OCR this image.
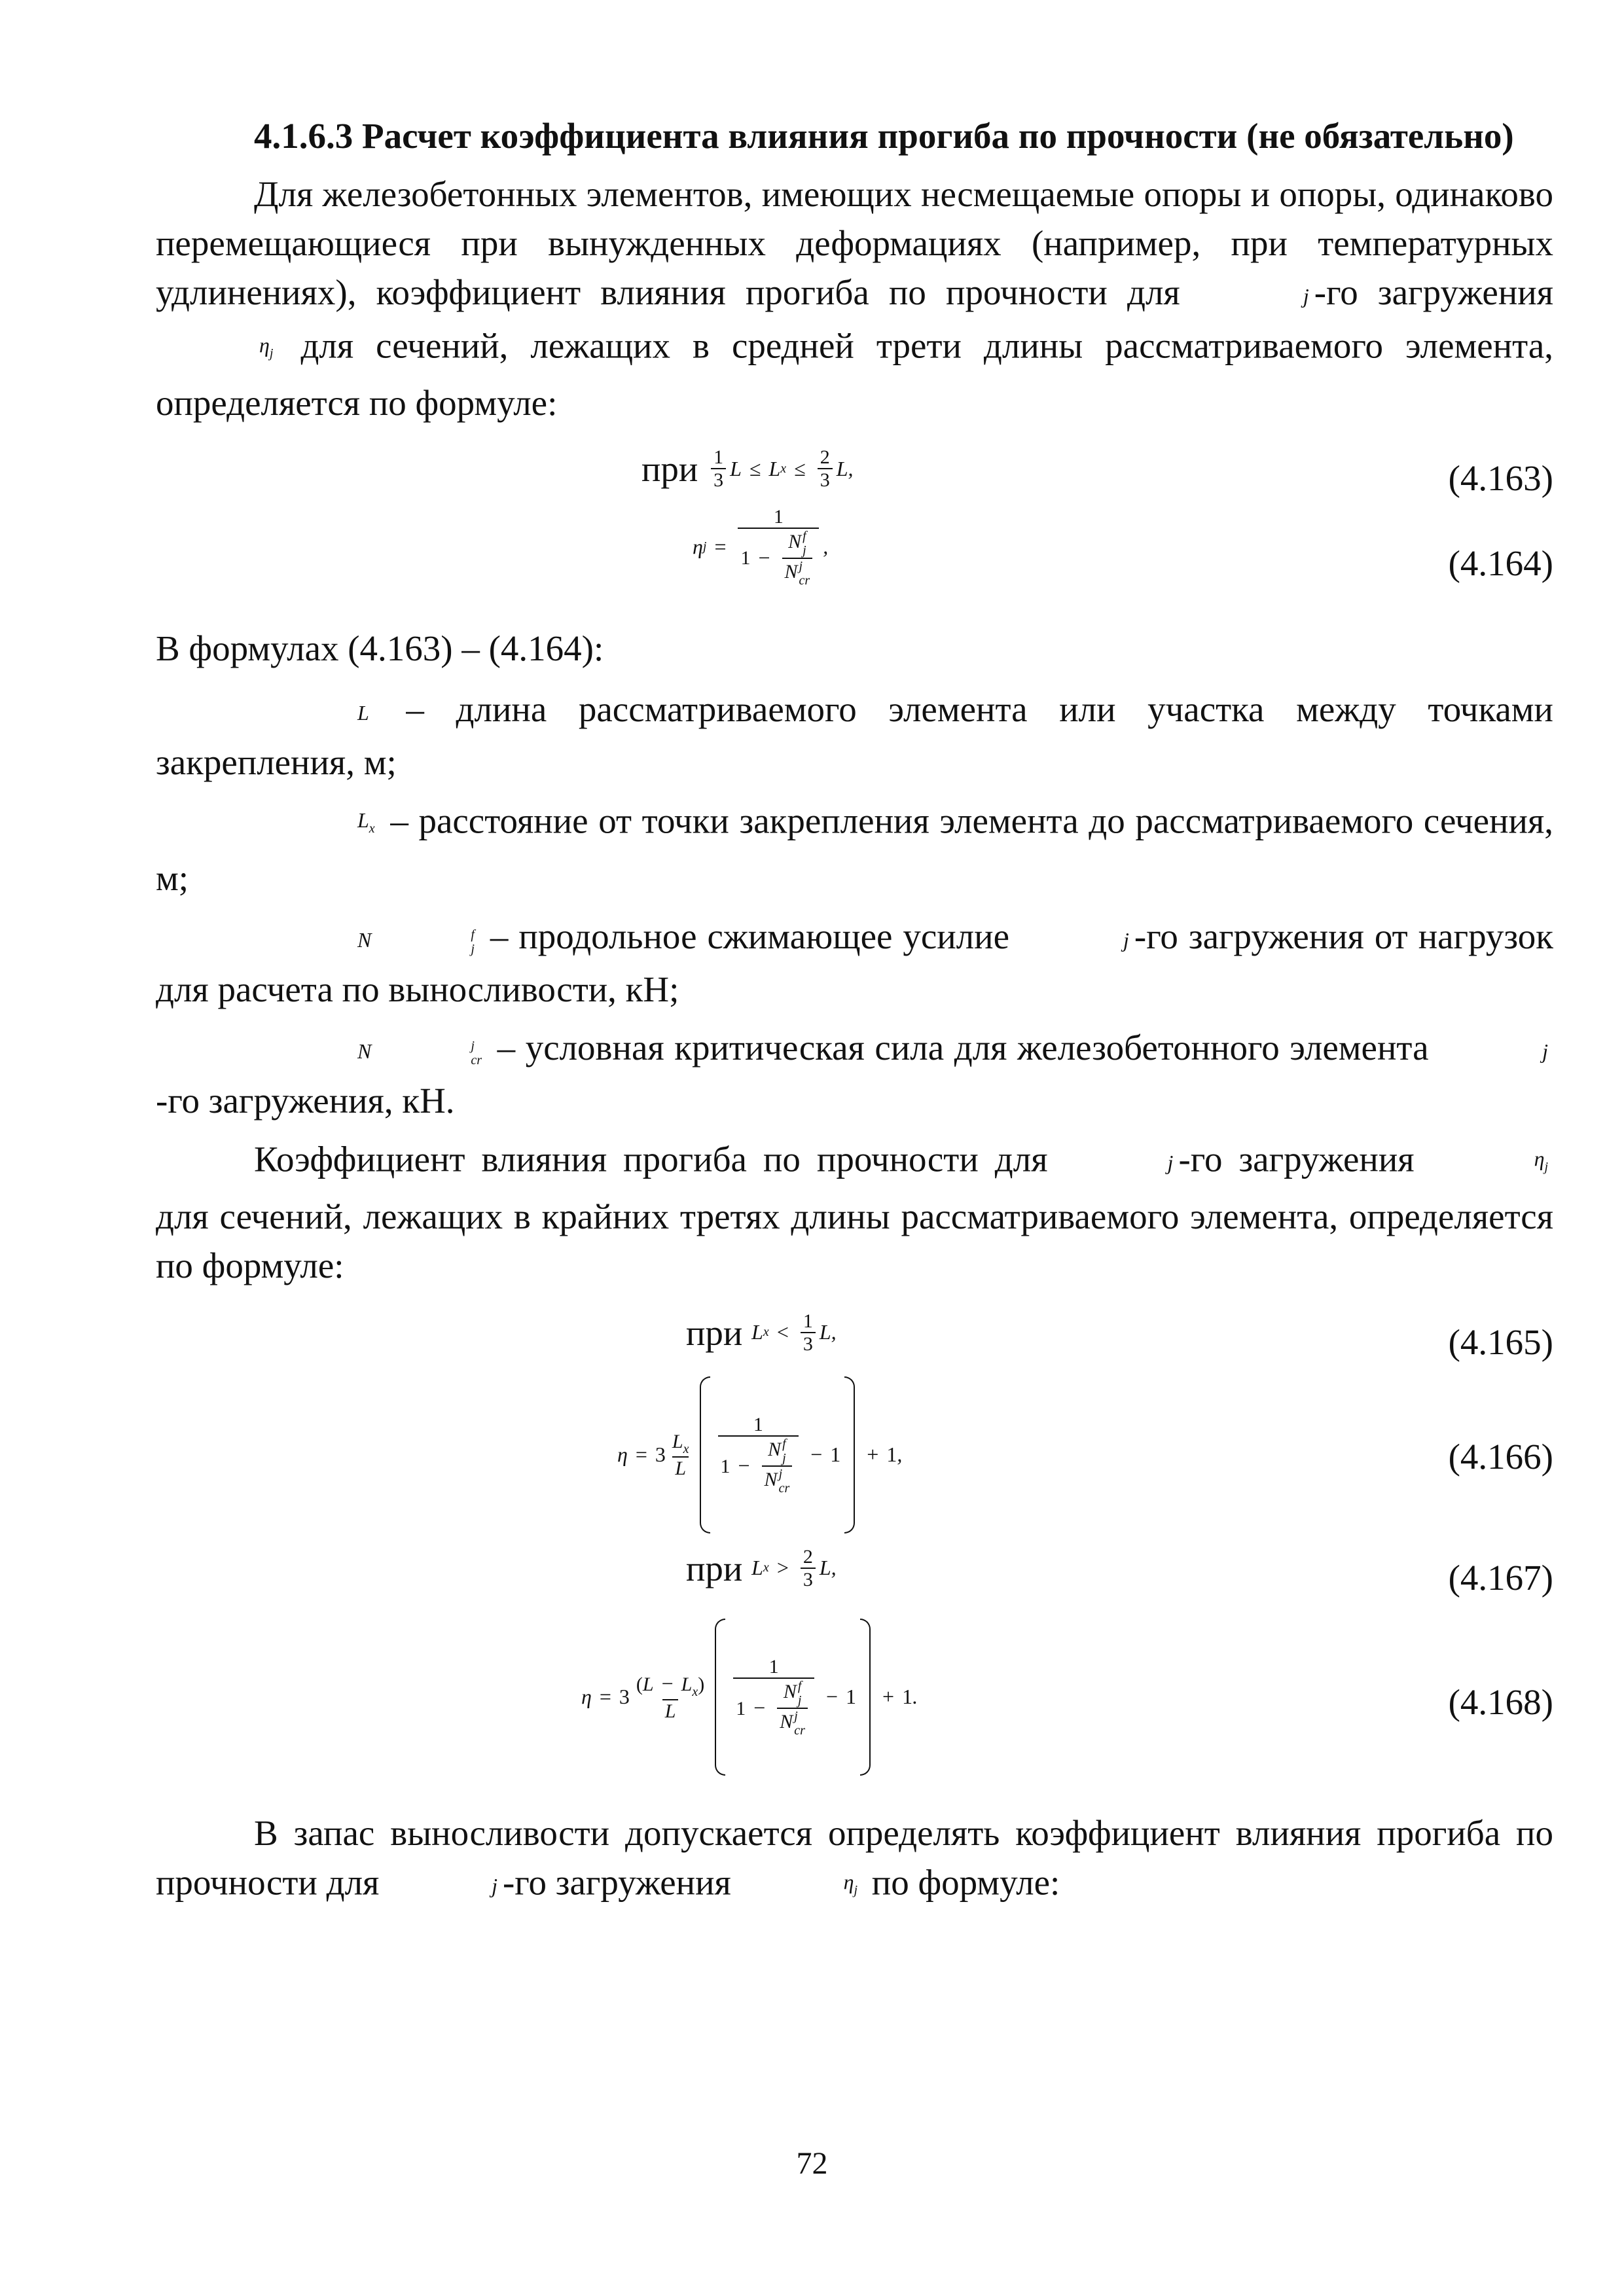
4.1.6.3 Расчет коэффициента влияния прогиба по прочности (не обязательно)

Для железобетонных элементов, имеющих несмещаемые опоры и опоры, одинаково перемещающиеся при вынужденных деформациях (например, при температурных удлинениях), коэффициент влияния прогиба по прочности для	j -го загружения $\eta_j$ для сечений, лежащих в средней трети длины рассматриваемого элемента, определяется по формуле:

при $\frac{1}{3}$ L ≤ L $x \le \frac{2}{3}$ L ,	(4.163)
η j = 1
1 − N f
j
N j
cr ,	(4.164)

В формулах (4.163) – (4.164):

L – длина рассматриваемого элемента или участка между точками закрепления, м;

$L_x$ – расстояние от точки закрепления элемента до рассматриваемого сечения, м;

N	f
j – продольное сжимающее усилие	j -го загружения от нагрузок для расчета по выносливости, кН;

N	j
cr – условная критическая сила для железобетонного элемента	j-го загружения, кН.

Коэффициент влияния прогиба по прочности для	j -го загружения	$\eta_j$ для сечений, лежащих в крайних третях длины рассматриваемого элемента, определяется по формуле:

при L $x < \frac{1}{3}$ L ,	(4.165)
$\eta = 3 \frac{L_x}{L} 1$
1 − N f
j
N j
cr − 1 + 1 ,	(4.166)
при L $x > \frac{2}{3}$ L ,	(4.167)
$\eta = 3 \frac{(L - L_x)}{L} 1$
1 − N f
j
N j
cr − 1 + 1 .	(4.168)

В запас выносливости допускается определять коэффициент влияния прогиба по прочности для	j -го загружения	$\eta_j$ по формуле:

72
